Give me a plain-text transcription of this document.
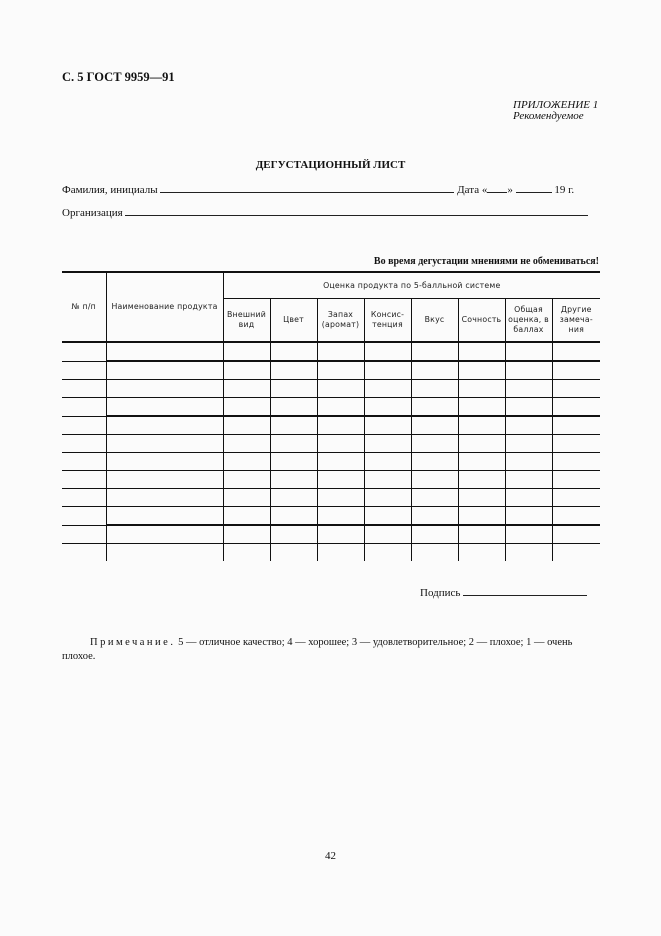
С. 5 ГОСТ 9959—91
ПРИЛОЖЕНИЕ 1
Рекомендуемое
ДЕГУСТАЦИОННЫЙ ЛИСТ
Фамилия, инициалы	Дата « »	19 г.
Организация
Во время дегустации мнениями не обмениваться!
№ п/п	Наименование продукта	Оценка продукта по 5-балльной системе							
		Внешний вид	Цвет	Запах (аромат)	Консис-тенция	Вкус	Сочность	Общая оценка, в баллах	Другие замеча-ния

Подпись
Примечание. 5 — отличное качество; 4 — хорошее; 3 — удовлетворительное; 2 — плохое; 1 — очень плохое.
42
